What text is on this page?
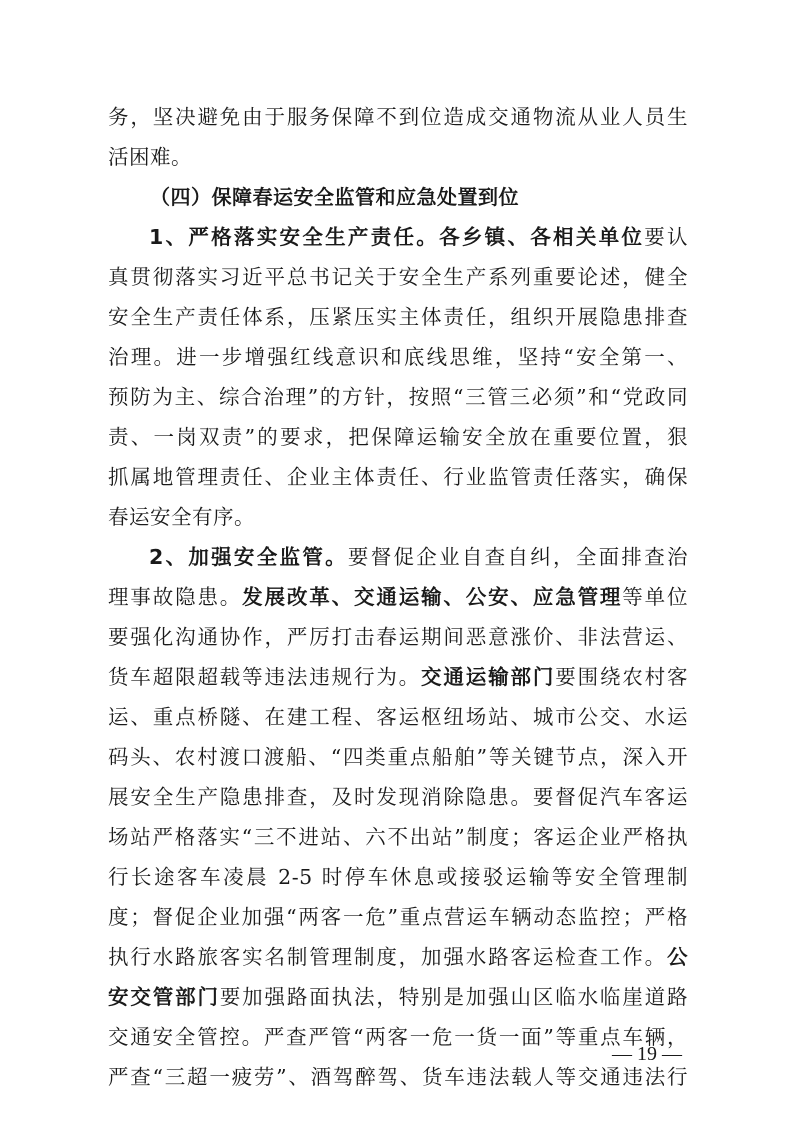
务，坚决避免由于服务保障不到位造成交通物流从业人员生
活困难。
（四）保障春运安全监管和应急处置到位
1、严格落实安全生产责任。各乡镇、各相关单位要认
真贯彻落实习近平总书记关于安全生产系列重要论述，健全
安全生产责任体系，压紧压实主体责任，组织开展隐患排查
治理。进一步增强红线意识和底线思维，坚持“安全第一、
预防为主、综合治理”的方针，按照“三管三必须”和“党政同
责、一岗双责”的要求，把保障运输安全放在重要位置，狠
抓属地管理责任、企业主体责任、行业监管责任落实，确保
春运安全有序。
2、加强安全监管。要督促企业自查自纠，全面排查治
理事故隐患。发展改革、交通运输、公安、应急管理等单位
要强化沟通协作，严厉打击春运期间恶意涨价、非法营运、
货车超限超载等违法违规行为。交通运输部门要围绕农村客
运、重点桥隧、在建工程、客运枢纽场站、城市公交、水运
码头、农村渡口渡船、“四类重点船舶”等关键节点，深入开
展安全生产隐患排查，及时发现消除隐患。要督促汽车客运
场站严格落实“三不进站、六不出站”制度；客运企业严格执
行长途客车凌晨 2-5 时停车休息或接驳运输等安全管理制
度；督促企业加强“两客一危”重点营运车辆动态监控；严格
执行水路旅客实名制管理制度，加强水路客运检查工作。公
安交管部门要加强路面执法，特别是加强山区临水临崖道路
交通安全管控。严查严管“两客一危一货一面”等重点车辆，
严查“三超一疲劳”、酒驾醉驾、货车违法载人等交通违法行
— 19 —
